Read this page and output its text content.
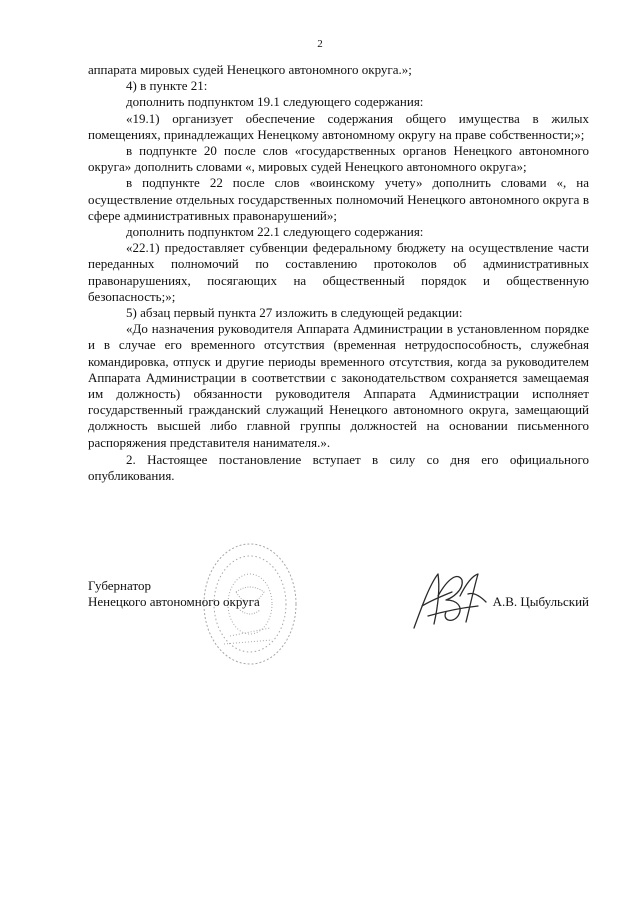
2

аппарата мировых судей Ненецкого автономного округа.»;

4) в пункте 21:

дополнить подпунктом 19.1 следующего содержания:

«19.1) организует обеспечение содержания общего имущества в жилых помещениях, принадлежащих Ненецкому автономному округу на праве собственности;»;

в подпункте 20 после слов «государственных органов Ненецкого автономного округа» дополнить словами «, мировых судей Ненецкого автономного округа»;

в подпункте 22 после слов «воинскому учету» дополнить словами «, на осуществление отдельных государственных полномочий Ненецкого автономного округа в сфере административных правонарушений»;

дополнить подпунктом 22.1 следующего содержания:

«22.1) предоставляет субвенции федеральному бюджету на осуществление части переданных полномочий по составлению протоколов об административных правонарушениях, посягающих на общественный порядок и общественную безопасность;»;

5) абзац первый пункта 27 изложить в следующей редакции:

«До назначения руководителя Аппарата Администрации в установленном порядке и в случае его временного отсутствия (временная нетрудоспособность, служебная командировка, отпуск и другие периоды временного отсутствия, когда за руководителем Аппарата Администрации в соответствии с законодательством сохраняется замещаемая им должность) обязанности руководителя Аппарата Администрации исполняет государственный гражданский служащий Ненецкого автономного округа, замещающий должность высшей либо главной группы должностей на основании письменного распоряжения представителя нанимателя.».

2. Настоящее постановление вступает в силу со дня его официального опубликования.

Губернатор
Ненецкого автономного округа	А.В. Цыбульский
